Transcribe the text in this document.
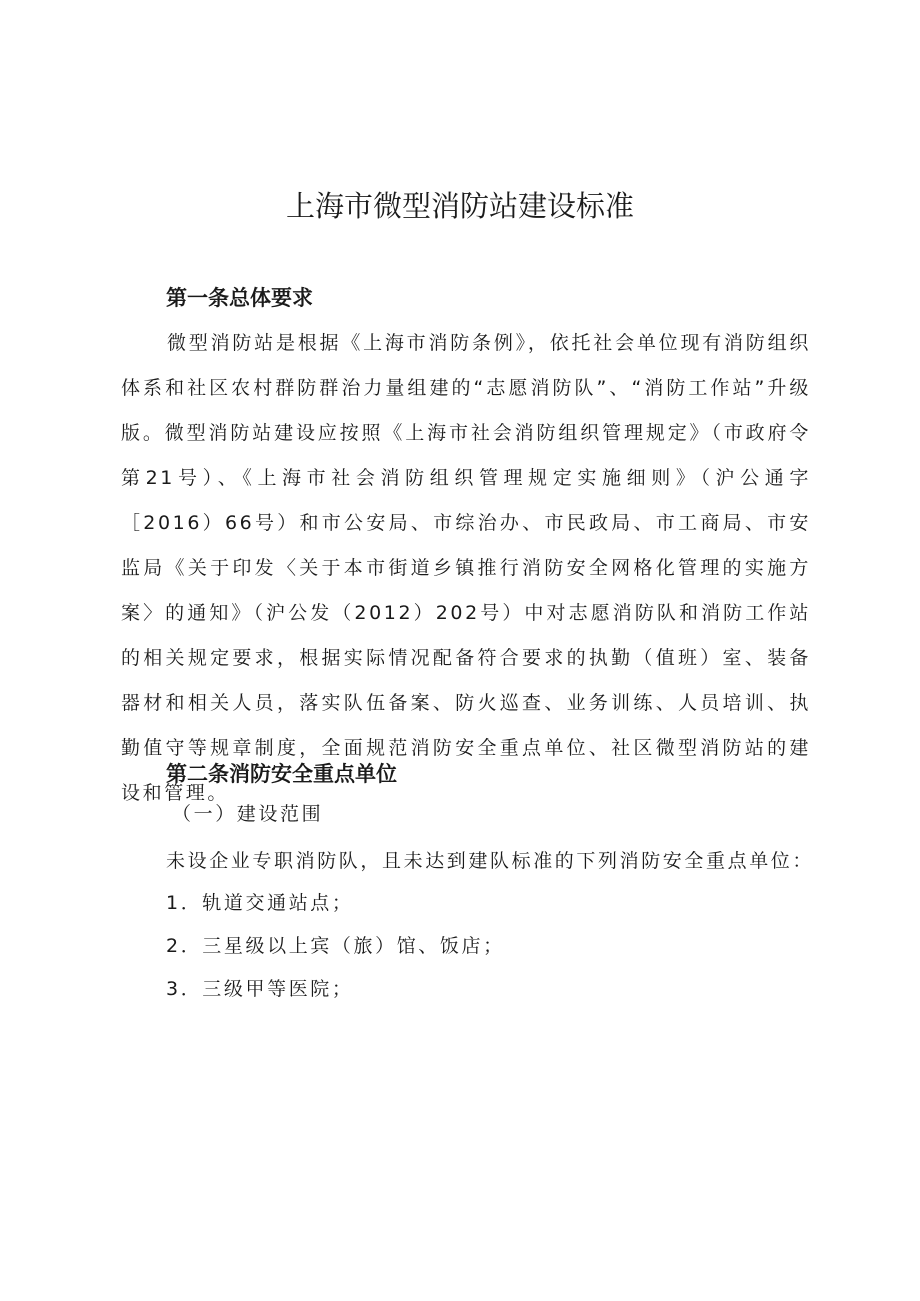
上海市微型消防站建设标准
第一条总体要求

微型消防站是根据《上海市消防条例》，依托社会单位现有消防组织体系和社区农村群防群治力量组建的“志愿消防队”、“消防工作站”升级版。微型消防站建设应按照《上海市社会消防组织管理规定》（市政府令第21号）、《上海市社会消防组织管理规定实施细则》（沪公通字［2016）66号）和市公安局、市综治办、市民政局、市工商局、市安监局《关于印发〈关于本市街道乡镇推行消防安全网格化管理的实施方案〉的通知》（沪公发（2012）202号）中对志愿消防队和消防工作站的相关规定要求，根据实际情况配备符合要求的执勤（值班）室、装备器材和相关人员，落实队伍备案、防火巡查、业务训练、人员培训、执勤值守等规章制度，全面规范消防安全重点单位、社区微型消防站的建设和管理。

第二条消防安全重点单位

（一）建设范围

未设企业专职消防队，且未达到建队标准的下列消防安全重点单位：

1．轨道交通站点；

2．三星级以上宾（旅）馆、饭店；

3．三级甲等医院；
